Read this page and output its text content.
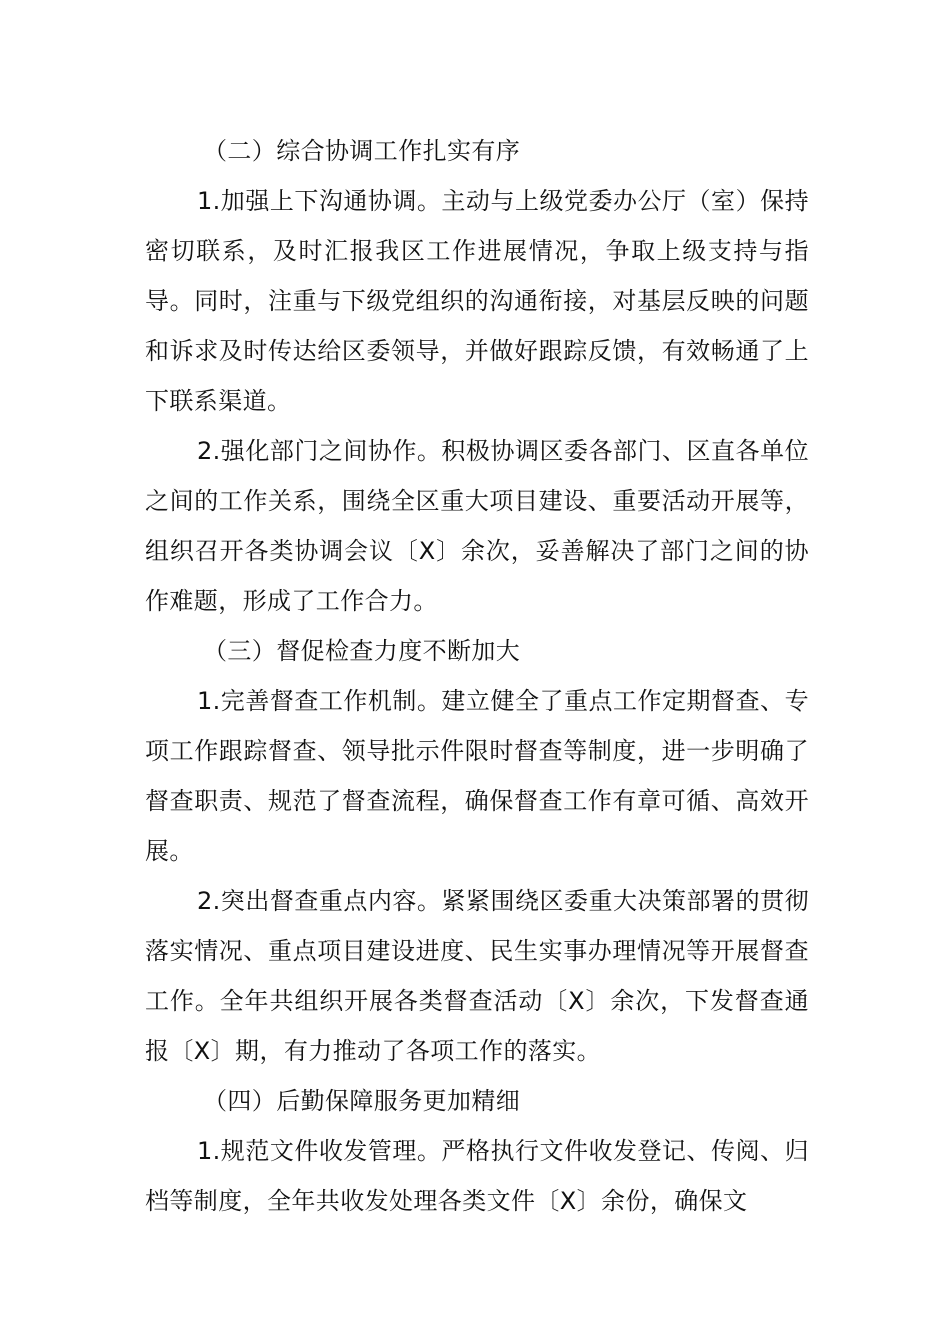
（二）综合协调工作扎实有序

1.加强上下沟通协调。主动与上级党委办公厅（室）保持密切联系，及时汇报我区工作进展情况，争取上级支持与指导。同时，注重与下级党组织的沟通衔接，对基层反映的问题和诉求及时传达给区委领导，并做好跟踪反馈，有效畅通了上下联系渠道。

2.强化部门之间协作。积极协调区委各部门、区直各单位之间的工作关系，围绕全区重大项目建设、重要活动开展等，组织召开各类协调会议〔X〕余次，妥善解决了部门之间的协作难题，形成了工作合力。

（三）督促检查力度不断加大

1.完善督查工作机制。建立健全了重点工作定期督查、专项工作跟踪督查、领导批示件限时督查等制度，进一步明确了督查职责、规范了督查流程，确保督查工作有章可循、高效开展。

2.突出督查重点内容。紧紧围绕区委重大决策部署的贯彻落实情况、重点项目建设进度、民生实事办理情况等开展督查工作。全年共组织开展各类督查活动〔X〕余次，下发督查通报〔X〕期，有力推动了各项工作的落实。

（四）后勤保障服务更加精细

1.规范文件收发管理。严格执行文件收发登记、传阅、归档等制度，全年共收发处理各类文件〔X〕余份，确保文
